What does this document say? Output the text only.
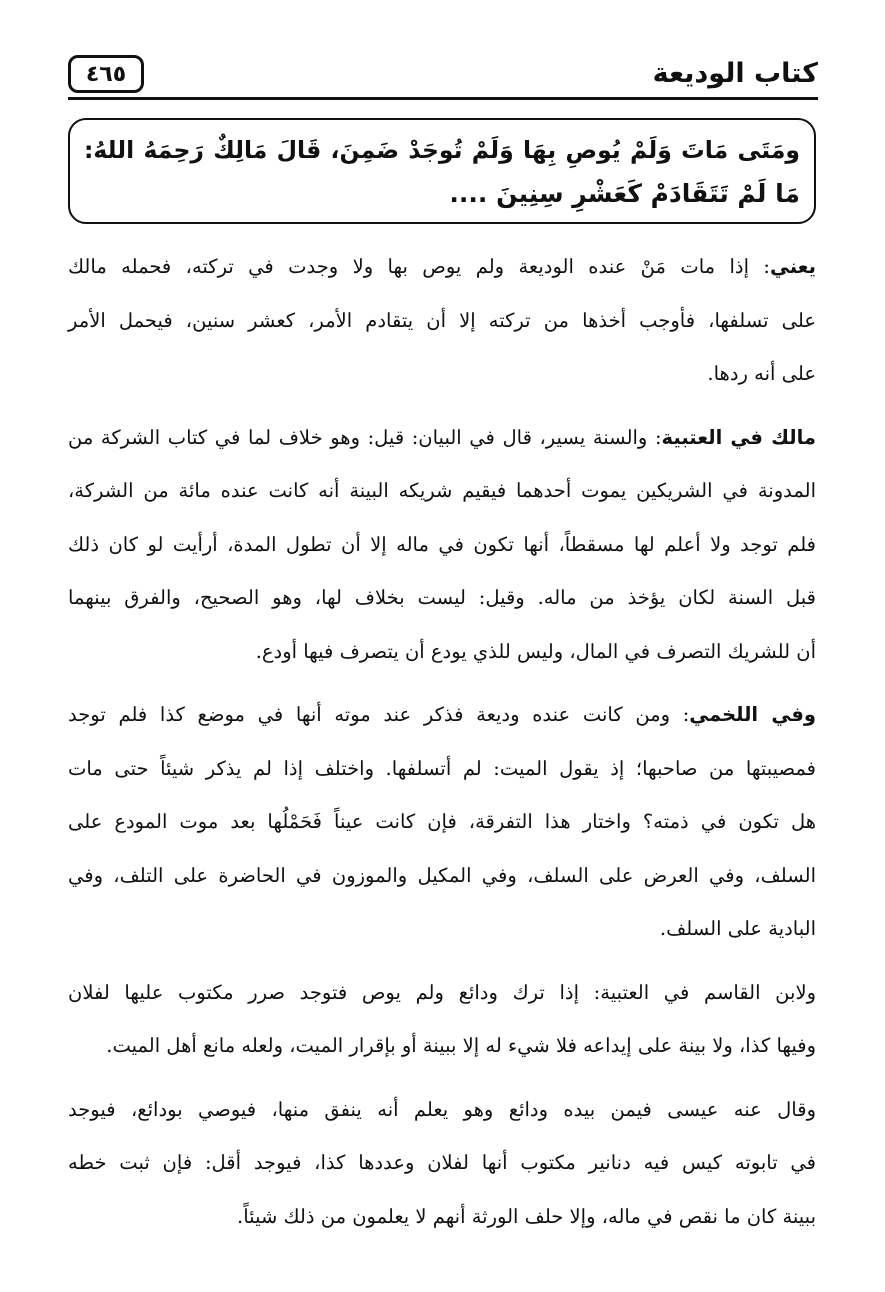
كتاب الوديعة
٤٦٥
ومَتَى مَاتَ وَلَمْ يُوصِ بِهَا وَلَمْ تُوجَدْ ضَمِنَ، قَالَ مَالِكٌ رَحِمَهُ اللهُ:
مَا لَمْ تَتَقَادَمْ كَعَشْرِ سِنِينَ ....
يعني: إذا مات مَنْ عنده الوديعة ولم يوص بها ولا وجدت في تركته، فحمله مالك
على تسلفها، فأوجب أخذها من تركته إلا أن يتقادم الأمر، كعشر سنين، فيحمل الأمر
على أنه ردها.
مالك في العتبية: والسنة يسير، قال في البيان: قيل: وهو خلاف لما في كتاب الشركة من
المدونة في الشريكين يموت أحدهما فيقيم شريكه البينة أنه كانت عنده مائة من الشركة،
فلم توجد ولا أعلم لها مسقطاً، أنها تكون في ماله إلا أن تطول المدة، أرأيت لو كان ذلك
قبل السنة لكان يؤخذ من ماله. وقيل: ليست بخلاف لها، وهو الصحيح، والفرق بينهما
أن للشريك التصرف في المال، وليس للذي يودع أن يتصرف فيها أودع.
وفي اللخمي: ومن كانت عنده وديعة فذكر عند موته أنها في موضع كذا فلم توجد
فمصيبتها من صاحبها؛ إذ يقول الميت: لم أتسلفها. واختلف إذا لم يذكر شيئاً حتى مات
هل تكون في ذمته؟ واختار هذا التفرقة، فإن كانت عيناً فَحَمْلُها بعد موت المودع على
السلف، وفي العرض على السلف، وفي المكيل والموزون في الحاضرة على التلف، وفي
البادية على السلف.
ولابن القاسم في العتبية: إذا ترك ودائع ولم يوص فتوجد صرر مكتوب عليها لفلان
وفيها كذا، ولا بينة على إيداعه فلا شيء له إلا ببينة أو بإقرار الميت، ولعله مانع أهل الميت.
وقال عنه عيسى فيمن بيده ودائع وهو يعلم أنه ينفق منها، فيوصي بودائع، فيوجد
في تابوته كيس فيه دنانير مكتوب أنها لفلان وعددها كذا، فيوجد أقل: فإن ثبت خطه
ببينة كان ما نقص في ماله، وإلا حلف الورثة أنهم لا يعلمون من ذلك شيئاً.
